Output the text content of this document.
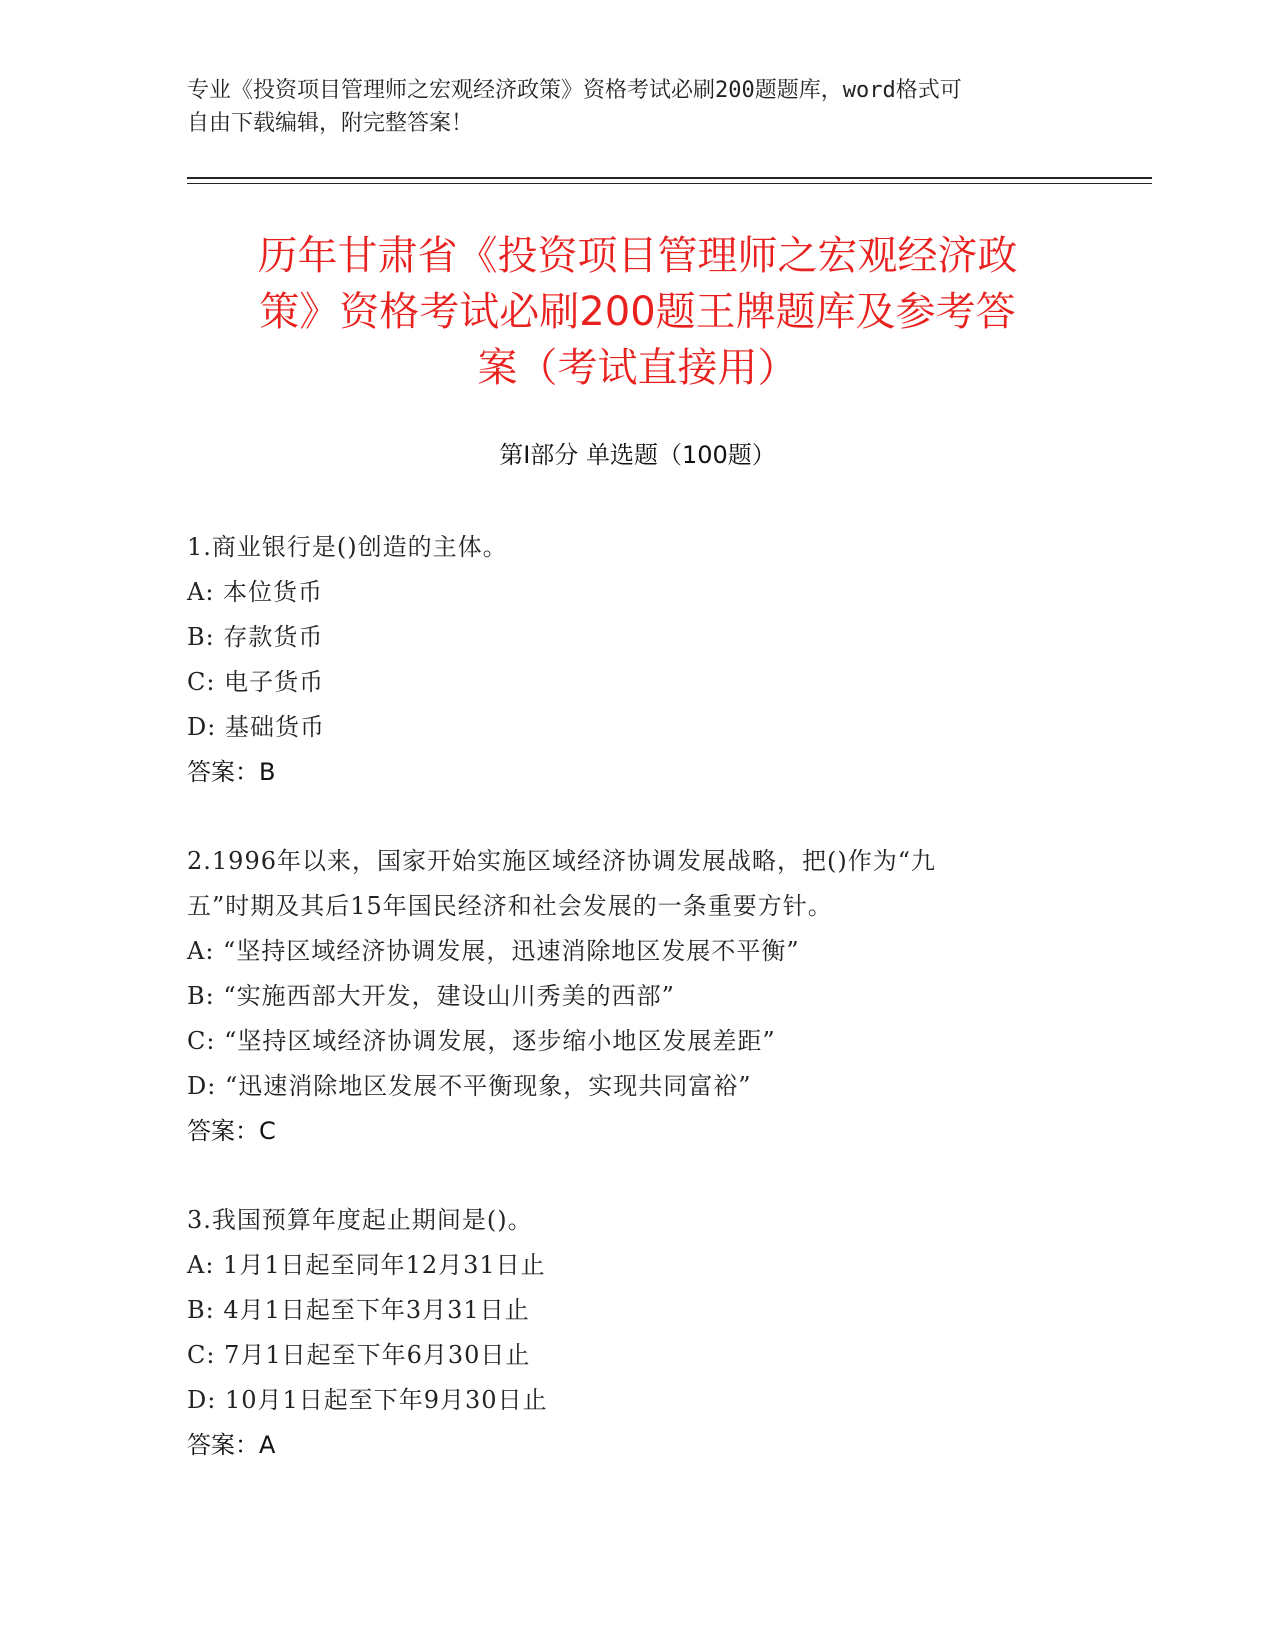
专业《投资项目管理师之宏观经济政策》资格考试必刷200题题库，word格式可
自由下载编辑，附完整答案！
历年甘肃省《投资项目管理师之宏观经济政
策》资格考试必刷200题王牌题库及参考答
案（考试直接用）
第Ⅰ部分 单选题（100题）
1.商业银行是()创造的主体。
A: 本位货币
B: 存款货币
C: 电子货币
D: 基础货币
答案：B
2.1996年以来，国家开始实施区域经济协调发展战略，把()作为“九
五”时期及其后15年国民经济和社会发展的一条重要方针。
A: “坚持区域经济协调发展，迅速消除地区发展不平衡”
B: “实施西部大开发，建设山川秀美的西部”
C: “坚持区域经济协调发展，逐步缩小地区发展差距”
D: “迅速消除地区发展不平衡现象，实现共同富裕”
答案：C
3.我国预算年度起止期间是()。
A: 1月1日起至同年12月31日止
B: 4月1日起至下年3月31日止
C: 7月1日起至下年6月30日止
D: 10月1日起至下年9月30日止
答案：A
